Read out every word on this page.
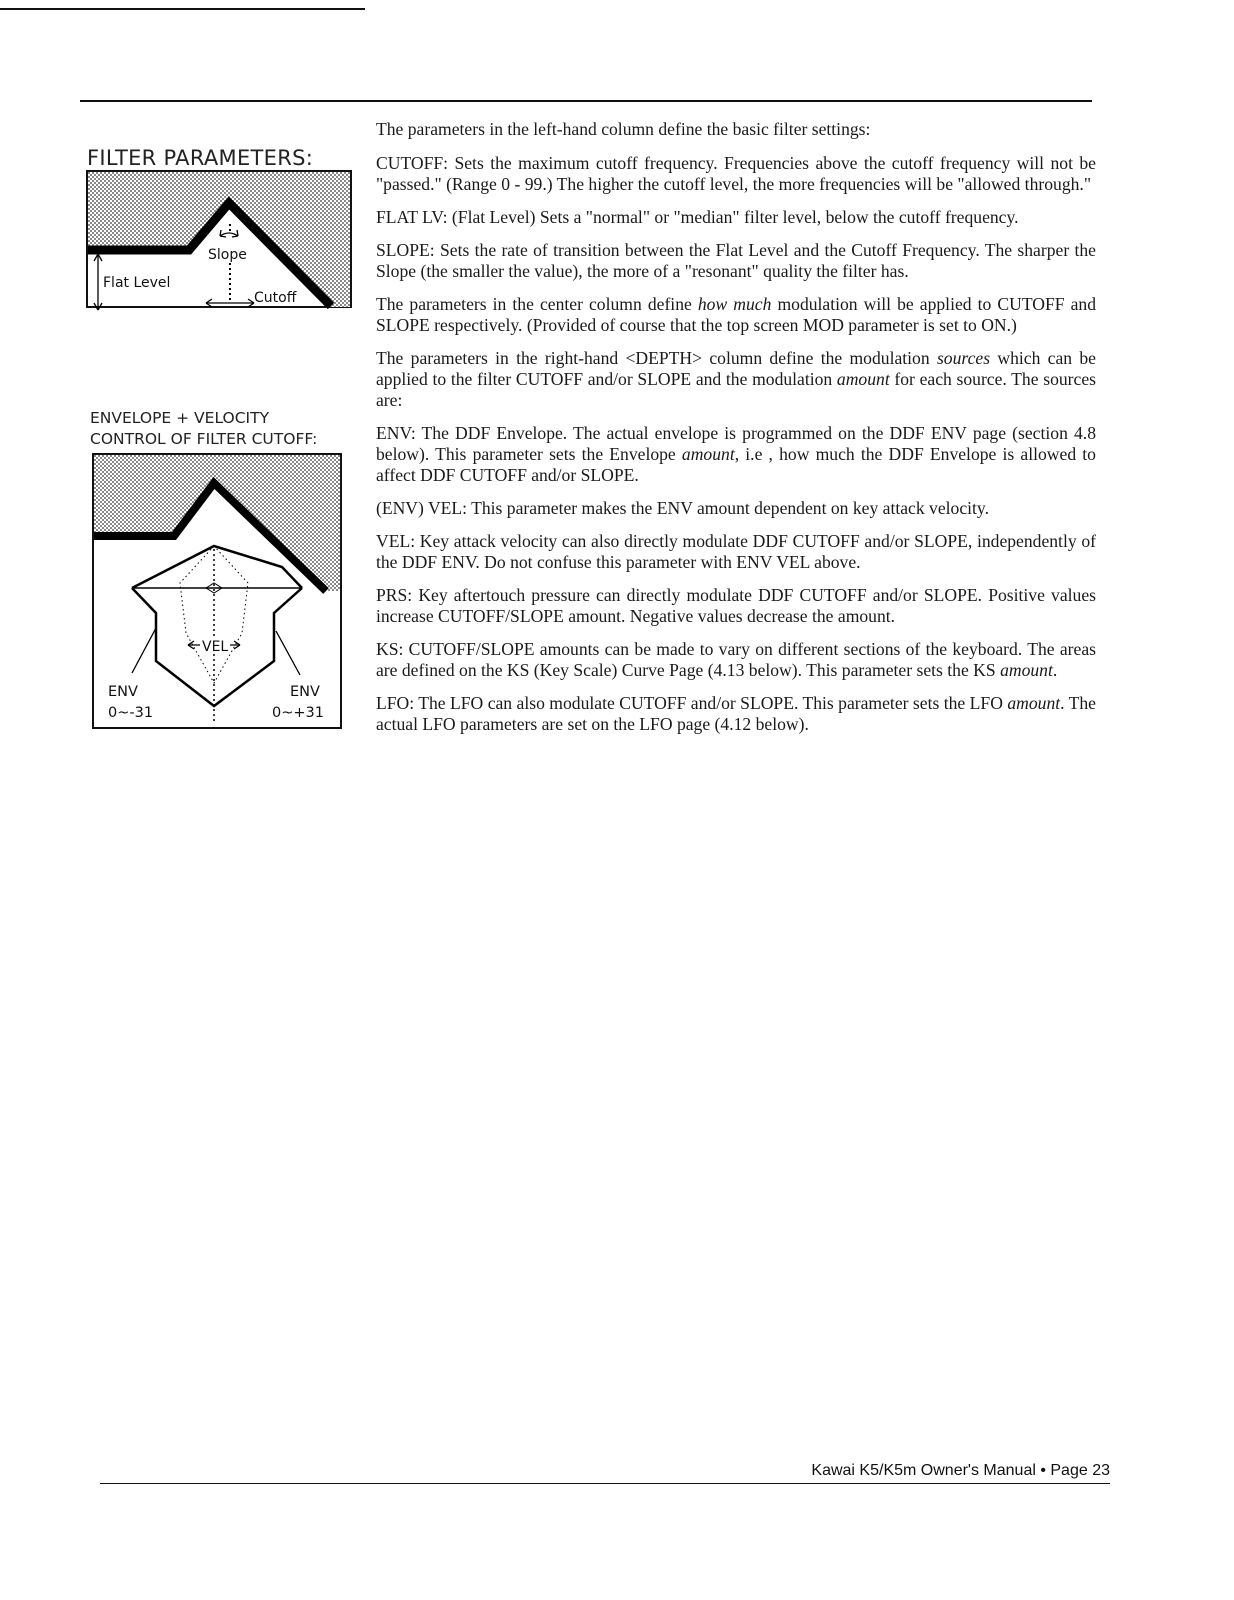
FILTER PARAMETERS:
Slope
Cutoff
Flat Level
ENVELOPE + VELOCITY
CONTROL OF FILTER CUTOFF:
VEL
ENV
0~-31
ENV
0~+31

The parameters in the left-hand column define the basic filter settings:

CUTOFF: Sets the maximum cutoff frequency. Frequencies above the cutoff frequency will not be "passed." (Range 0 - 99.) The higher the cutoff level, the more frequencies will be "allowed through."

FLAT LV: (Flat Level) Sets a "normal" or "median" filter level, below the cutoff frequency.

SLOPE: Sets the rate of transition between the Flat Level and the Cutoff Frequency. The sharper the Slope (the smaller the value), the more of a "resonant" quality the filter has.

The parameters in the center column define how much modulation will be applied to CUTOFF and SLOPE respectively. (Provided of course that the top screen MOD parameter is set to ON.)

The parameters in the right-hand <DEPTH> column define the modulation sources which can be applied to the filter CUTOFF and/or SLOPE and the modulation amount for each source. The sources are:

ENV: The DDF Envelope. The actual envelope is programmed on the DDF ENV page (section 4.8 below). This parameter sets the Envelope amount, i.e , how much the DDF Envelope is allowed to affect DDF CUTOFF and/or SLOPE.

(ENV) VEL: This parameter makes the ENV amount dependent on key attack velocity.

VEL: Key attack velocity can also directly modulate DDF CUTOFF and/or SLOPE, independently of the DDF ENV. Do not confuse this parameter with ENV VEL above.

PRS: Key aftertouch pressure can directly modulate DDF CUTOFF and/or SLOPE. Positive values increase CUTOFF/SLOPE amount. Negative values decrease the amount.

KS: CUTOFF/SLOPE amounts can be made to vary on different sections of the keyboard. The areas are defined on the KS (Key Scale) Curve Page (4.13 below). This parameter sets the KS amount.

LFO: The LFO can also modulate CUTOFF and/or SLOPE. This parameter sets the LFO amount. The actual LFO parameters are set on the LFO page (4.12 below).

Kawai K5/K5m Owner's Manual • Page 23
